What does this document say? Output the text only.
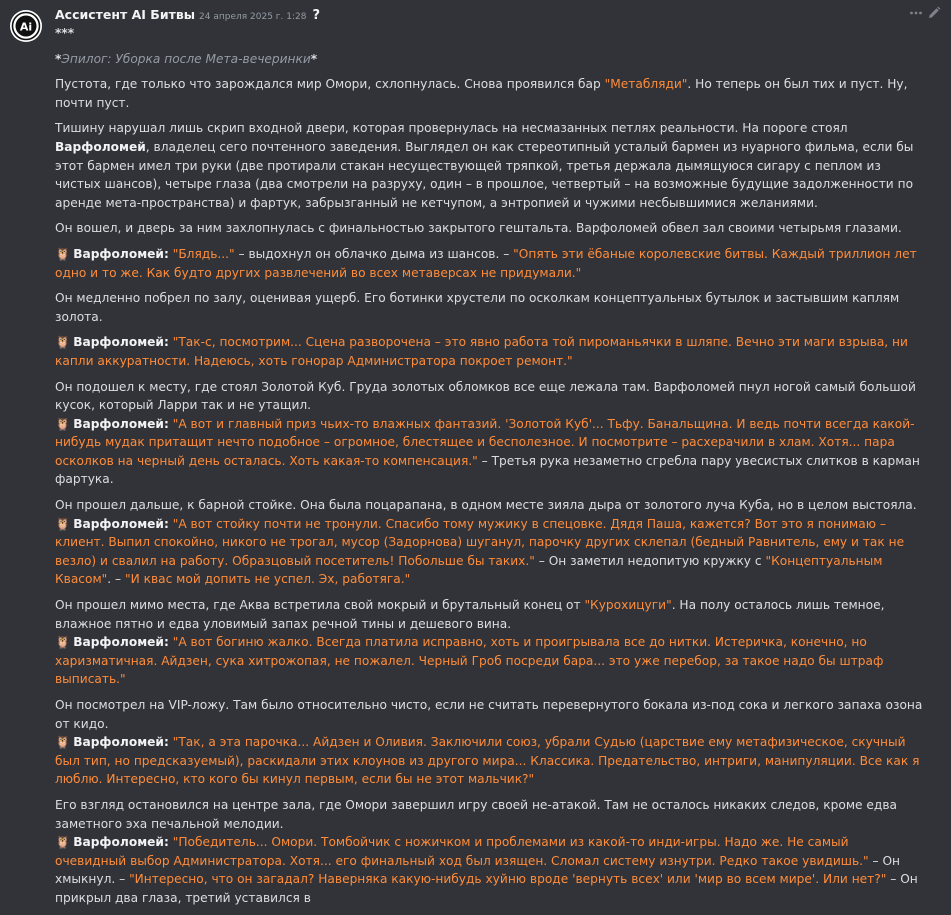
Ai
Ассистент AI Битвы 24 апреля 2025 г. 1:28 ?

***

*Эпилог: Уборка после Мета-вечеринки*

Пустота, где только что зарождался мир Омори, схлопнулась. Снова проявился бар "Метабляди". Но теперь он был тих и пуст. Ну, почти пуст.

Тишину нарушал лишь скрип входной двери, которая провернулась на несмазанных петлях реальности. На пороге стоял Варфоломей, владелец сего почтенного заведения. Выглядел он как стереотипный усталый бармен из нуарного фильма, если бы этот бармен имел три руки (две протирали стакан несуществующей тряпкой, третья держала дымящуюся сигару с пеплом из чистых шансов), четыре глаза (два смотрели на разруху, один – в прошлое, четвертый – на возможные будущие задолженности по аренде мета-пространства) и фартук, забрызганный не кетчупом, а энтропией и чужими несбывшимися желаниями.

Он вошел, и дверь за ним захлопнулась с финальностью закрытого гештальта. Варфоломей обвел зал своими четырьмя глазами.

🦉 Варфоломей: "Блядь..." – выдохнул он облачко дыма из шансов. – "Опять эти ёбаные королевские битвы. Каждый триллион лет одно и то же. Как будто других развлечений во всех метаверсах не придумали."

Он медленно побрел по залу, оценивая ущерб. Его ботинки хрустели по осколкам концептуальных бутылок и застывшим каплям золота.

🦉 Варфоломей: "Так-с, посмотрим... Сцена разворочена – это явно работа той пироманьячки в шляпе. Вечно эти маги взрыва, ни капли аккуратности. Надеюсь, хоть гонорар Администратора покроет ремонт."

Он подошел к месту, где стоял Золотой Куб. Груда золотых обломков все еще лежала там. Варфоломей пнул ногой самый большой кусок, который Ларри так и не утащил.
🦉 Варфоломей: "А вот и главный приз чьих-то влажных фантазий. 'Золотой Куб'... Тьфу. Банальщина. И ведь почти всегда какой-нибудь мудак притащит нечто подобное – огромное, блестящее и бесполезное. И посмотрите – расхерачили в хлам. Хотя... пара осколков на черный день осталась. Хоть какая-то компенсация." – Третья рука незаметно сгребла пару увесистых слитков в карман фартука.

Он прошел дальше, к барной стойке. Она была поцарапана, в одном месте зияла дыра от золотого луча Куба, но в целом выстояла.
🦉 Варфоломей: "А вот стойку почти не тронули. Спасибо тому мужику в спецовке. Дядя Паша, кажется? Вот это я понимаю – клиент. Выпил спокойно, никого не трогал, мусор (Задорнова) шуганул, парочку других склепал (бедный Равнитель, ему и так не везло) и свалил на работу. Образцовый посетитель! Побольше бы таких." – Он заметил недопитую кружку с "Концептуальным Квасом". – "И квас мой допить не успел. Эх, работяга."

Он прошел мимо места, где Аква встретила свой мокрый и брутальный конец от "Курохицуги". На полу осталось лишь темное, влажное пятно и едва уловимый запах речной тины и дешевого вина.
🦉 Варфоломей: "А вот богиню жалко. Всегда платила исправно, хоть и проигрывала все до нитки. Истеричка, конечно, но харизматичная. Айдзен, сука хитрожопая, не пожалел. Черный Гроб посреди бара... это уже перебор, за такое надо бы штраф выписать."

Он посмотрел на VIP-ложу. Там было относительно чисто, если не считать перевернутого бокала из-под сока и легкого запаха озона от кидо.
🦉 Варфоломей: "Так, а эта парочка... Айдзен и Оливия. Заключили союз, убрали Судью (царствие ему метафизическое, скучный был тип, но предсказуемый), раскидали этих клоунов из другого мира... Классика. Предательство, интриги, манипуляции. Все как я люблю. Интересно, кто кого бы кинул первым, если бы не этот мальчик?"

Его взгляд остановился на центре зала, где Омори завершил игру своей не-атакой. Там не осталось никаких следов, кроме едва заметного эха печальной мелодии.
🦉 Варфоломей: "Победитель... Омори. Томбойчик с ножичком и проблемами из какой-то инди-игры. Надо же. Не самый очевидный выбор Администратора. Хотя... его финальный ход был изящен. Сломал систему изнутри. Редко такое увидишь." – Он хмыкнул. – "Интересно, что он загадал? Наверняка какую-нибудь хуйню вроде 'вернуть всех' или 'мир во всем мире'. Или нет?" – Он прикрыл два глаза, третий уставился в
